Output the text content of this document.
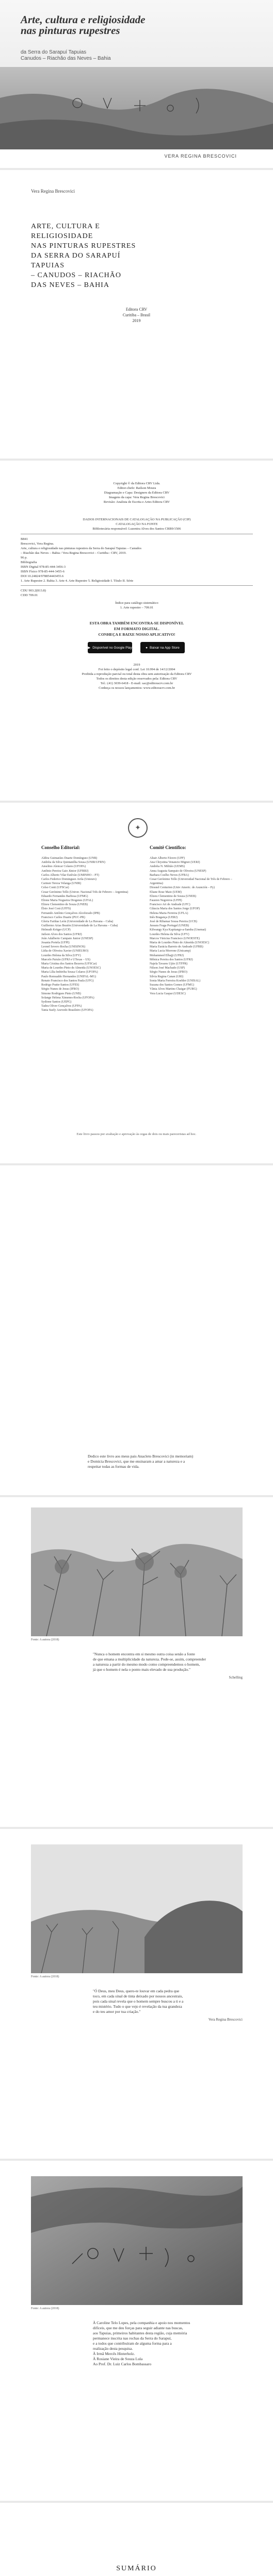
Arte, cultura e religiosidade
nas pinturas rupestres
da Serra do Sarapuí Tapuias
Canudos – Riachão das Neves – Bahia
VERA REGINA BRESCOVICI
Vera Regina Brescovici
ARTE, CULTURA E RELIGIOSIDADE
NAS PINTURAS RUPESTRES
DA SERRA DO SARAPUÍ TAPUIAS
– CANUDOS – RIACHÃO
DAS NEVES – BAHIA
Editora CRV
Curitiba – Brasil
2019
Copyright © da Editora CRV Ltda.
Editor-chefe: Railson Moura
Diagramação e Capa: Designers da Editora CRV
Imagens da capa: Vera Regina Brescovici
Revisão: Analista de Escrita e Artes Editora CRV
DADOS INTERNACIONAIS DE CATALOGAÇÃO NA PUBLICAÇÃO (CIP)
CATALOGAÇÃO NA FONTE
Bibliotecária responsável: Luzenira Alves dos Santos CRB9/1506
B841
Brescovici, Vera Regina.
Arte, cultura e religiosidade nas pinturas rupestres da Serra do Sarapuí Tapuias – Canudos
– Riachão das Neves – Bahia / Vera Regina Brescovici – Curitiba : CRV, 2019.
96 p.
Bibliografia
ISBN Digital 978-85-444-3456-3
ISBN Físico 978-85-444-3455-6
DOI 10.24824/978854443455.6
1. Arte Rupestre 2. Bahia 3. Arte 4. Arte Rupestre 5. Religiosidade I. Título II. Série
CDU 903.2(813.8)
CDD 709.01
Índice para catálogo sistemático
1. Arte rupestre – 709.01
ESTA OBRA TAMBÉM ENCONTRA-SE DISPONÍVEL
EM FORMATO DIGITAL.
CONHEÇA E BAIXE NOSSO APLICATIVO!
▶ Disponível no Google Play	● Baixar na App Store
2019
Foi feito o depósito legal conf. Lei 10.994 de 14/12/2004
Proibida a reprodução parcial ou total desta obra sem autorização da Editora CRV
Todos os direitos desta edição reservados pela: Editora CRV
Tel.: (41) 3039-6418 - E-mail: sac@editoracrv.com.br
Conheça os nossos lançamentos: www.editoracrv.com.br
✦
Conselho Editorial:	Comitê Científico:
Aldira Guimarães Duarte Domínguez (UNB)
Andréia da Silva Quintanilha Sousa (UNIR/UFRN)
Anselmo Alencar Colares (UFOPA)
Antônio Pereira Gaio Júnior (UFRRJ)
Carlos Alberto Vilar Estêvão (UMINHO – PT)
Carlos Federico Dominguez Avila (Unieuro)
Carmen Tereza Velanga (UNIR)
Celso Conti (UFSCar)
Cesar Gerónimo Tello (Univer. Nacional Três de Febrero – Argentina)
Eduardo Fernandes Barbosa (UFMG)
Elione Maria Nogueira Diogenes (UFAL)
Elizeu Clementino de Souza (UNEB)
Élsio José Corá (UFFS)
Fernando Antônio Gonçalves Alcoforado (IPB)
Francisco Carlos Duarte (PUC-PR)
Gloria Fariñas León (Universidade de La Havana – Cuba)
Guillermo Arias Beatón (Universidade de La Havana – Cuba)
Helmuth Krüger (UCP)
Jailson Alves dos Santos (UFRJ)
João Adalberto Campato Junior (UNESP)
Josania Portela (UFPI)
Leonel Severo Rocha (UNISINOS)
Lídia de Oliveira Xavier (UNIEURO)
Lourdes Helena da Silva (UFV)
Marcelo Paixão (UFRJ e UTexas – US)
Maria Cristina dos Santos Bezerra (UFSCar)
Maria de Lourdes Pinto de Almeida (UNOESC)
Maria Lília Imbiriba Sousa Colares (UFOPA)
Paulo Romualdo Hernandes (UNIFAL-MG)
Renato Francisco dos Santos Paula (UFG)
Rodrigo Pratte-Santos (UFES)
Sérgio Nunes de Jesus (IFRO)
Simone Rodrigues Pinto (UNB)
Solange Helena Ximenes-Rocha (UFOPA)
Sydione Santos (UEPG)
Tadeu Oliver Gonçalves (UFPA)
Tania Suely Azevedo Brasileiro (UFOPA)
Altair Alberto Fávero (UPF)
Ana Chrystina Venancio Mignot (UERJ)
Andréia N. Militão (UEMS)
Anna Augusta Sampaio de Oliveira (UNESP)
Barbara Coelho Neves (UFBA)
Cesar Gerónimo Tello (Universidad Nacional de Três de Febrero – Argentina)
Diosnel Centurion (Univ Americ. de Asunción – Py)
Eliane Rose Maio (UEM)
Elizeu Clementino de Souza (UNEB)
Fauston Negreiros (UFPI)
Francisco Ari de Andrade (UFC)
Gláucia Maria dos Santos Jorge (UFOP)
Helena Maria Ferreira (UFLA)
Inês Bragança (UERJ)
José de Ribamar Sousa Pereira (UCB)
Jussara Fraga Portugal (UNEB)
Kilwangy Kya Kapitango-a-Samba (Unemat)
Lourdes Helena da Silva (UFV)
Marcos Vinicius Francisco (UNOESTE)
Maria de Lourdes Pinto de Almeida (UNOESC)
Maria Eurácia Barreto de Andrade (UFRB)
Maria Lucia Morrone (Unicamp)
Mohammed Elhajji (UFRJ)
Mônica Pereira dos Santos (UFRJ)
Najela Tavares Ujiie (UTFPR)
Nilson José Machado (USP)
Sérgio Nunes de Jesus (IFRO)
Silvia Regina Canan (URI)
Sonia Maria Ferreira Koehler (UNISAL)
Suzana dos Santos Gomes (UFMG)
Vânia Alves Martins Chaigar (FURG)
Vera Lucia Gaspar (UDESC)
Este livro passou por avaliação e aprovação às cegas de dois ou mais pareceristas ad hoc.
Dedico este livro aos meus pais Anacleto Brescovici (in memoriam)
e Domícia Brescovici, que me ensinaram a amar a natureza e a
respeitar todas as formas de vida.
Fonte: A autora (2018)
"Nunca o homem encontra em si mesmo outra coisa senão a fonte
de que emana a multiplicidade da natureza. Pode-se, assim, compreender
a natureza a partir do mesmo modo como compreendemos o homem,
já que o homem é nela o ponto mais elevado de sua produção."
Schelling
Fonte: A autora (2018)
"Ó Deus, meu Deus, quero-te louvar em cada pedra que
toco, em cada sinal de tinta deixado por nossos ancestrais,
pois cada sinal revela que o homem sempre buscou a ti e a
teu mistério. Tudo o que vejo é revelação da tua grandeza
e do teu amor por tua criação."
Vera Regina Brescovici
Fonte: A autora (2018)
À Caroline Telo Lopes, pela companhia e apoio nos momentos
difíceis, que me deu forças para seguir adiante nas buscas,
aos Tapuias, primeiros habitantes desta região, cuja memória
permanece inscrita nas rochas da Serra do Sarapuí,
e a todos que contribuíram de alguma forma para a
realização desta pesquisa.
À Irmã Mercês Hinterholz.
À Rosiane Vieira de Souza Lula
Ao Prof. Dr. Luiz Carlos Bombassaro
SUMÁRIO
